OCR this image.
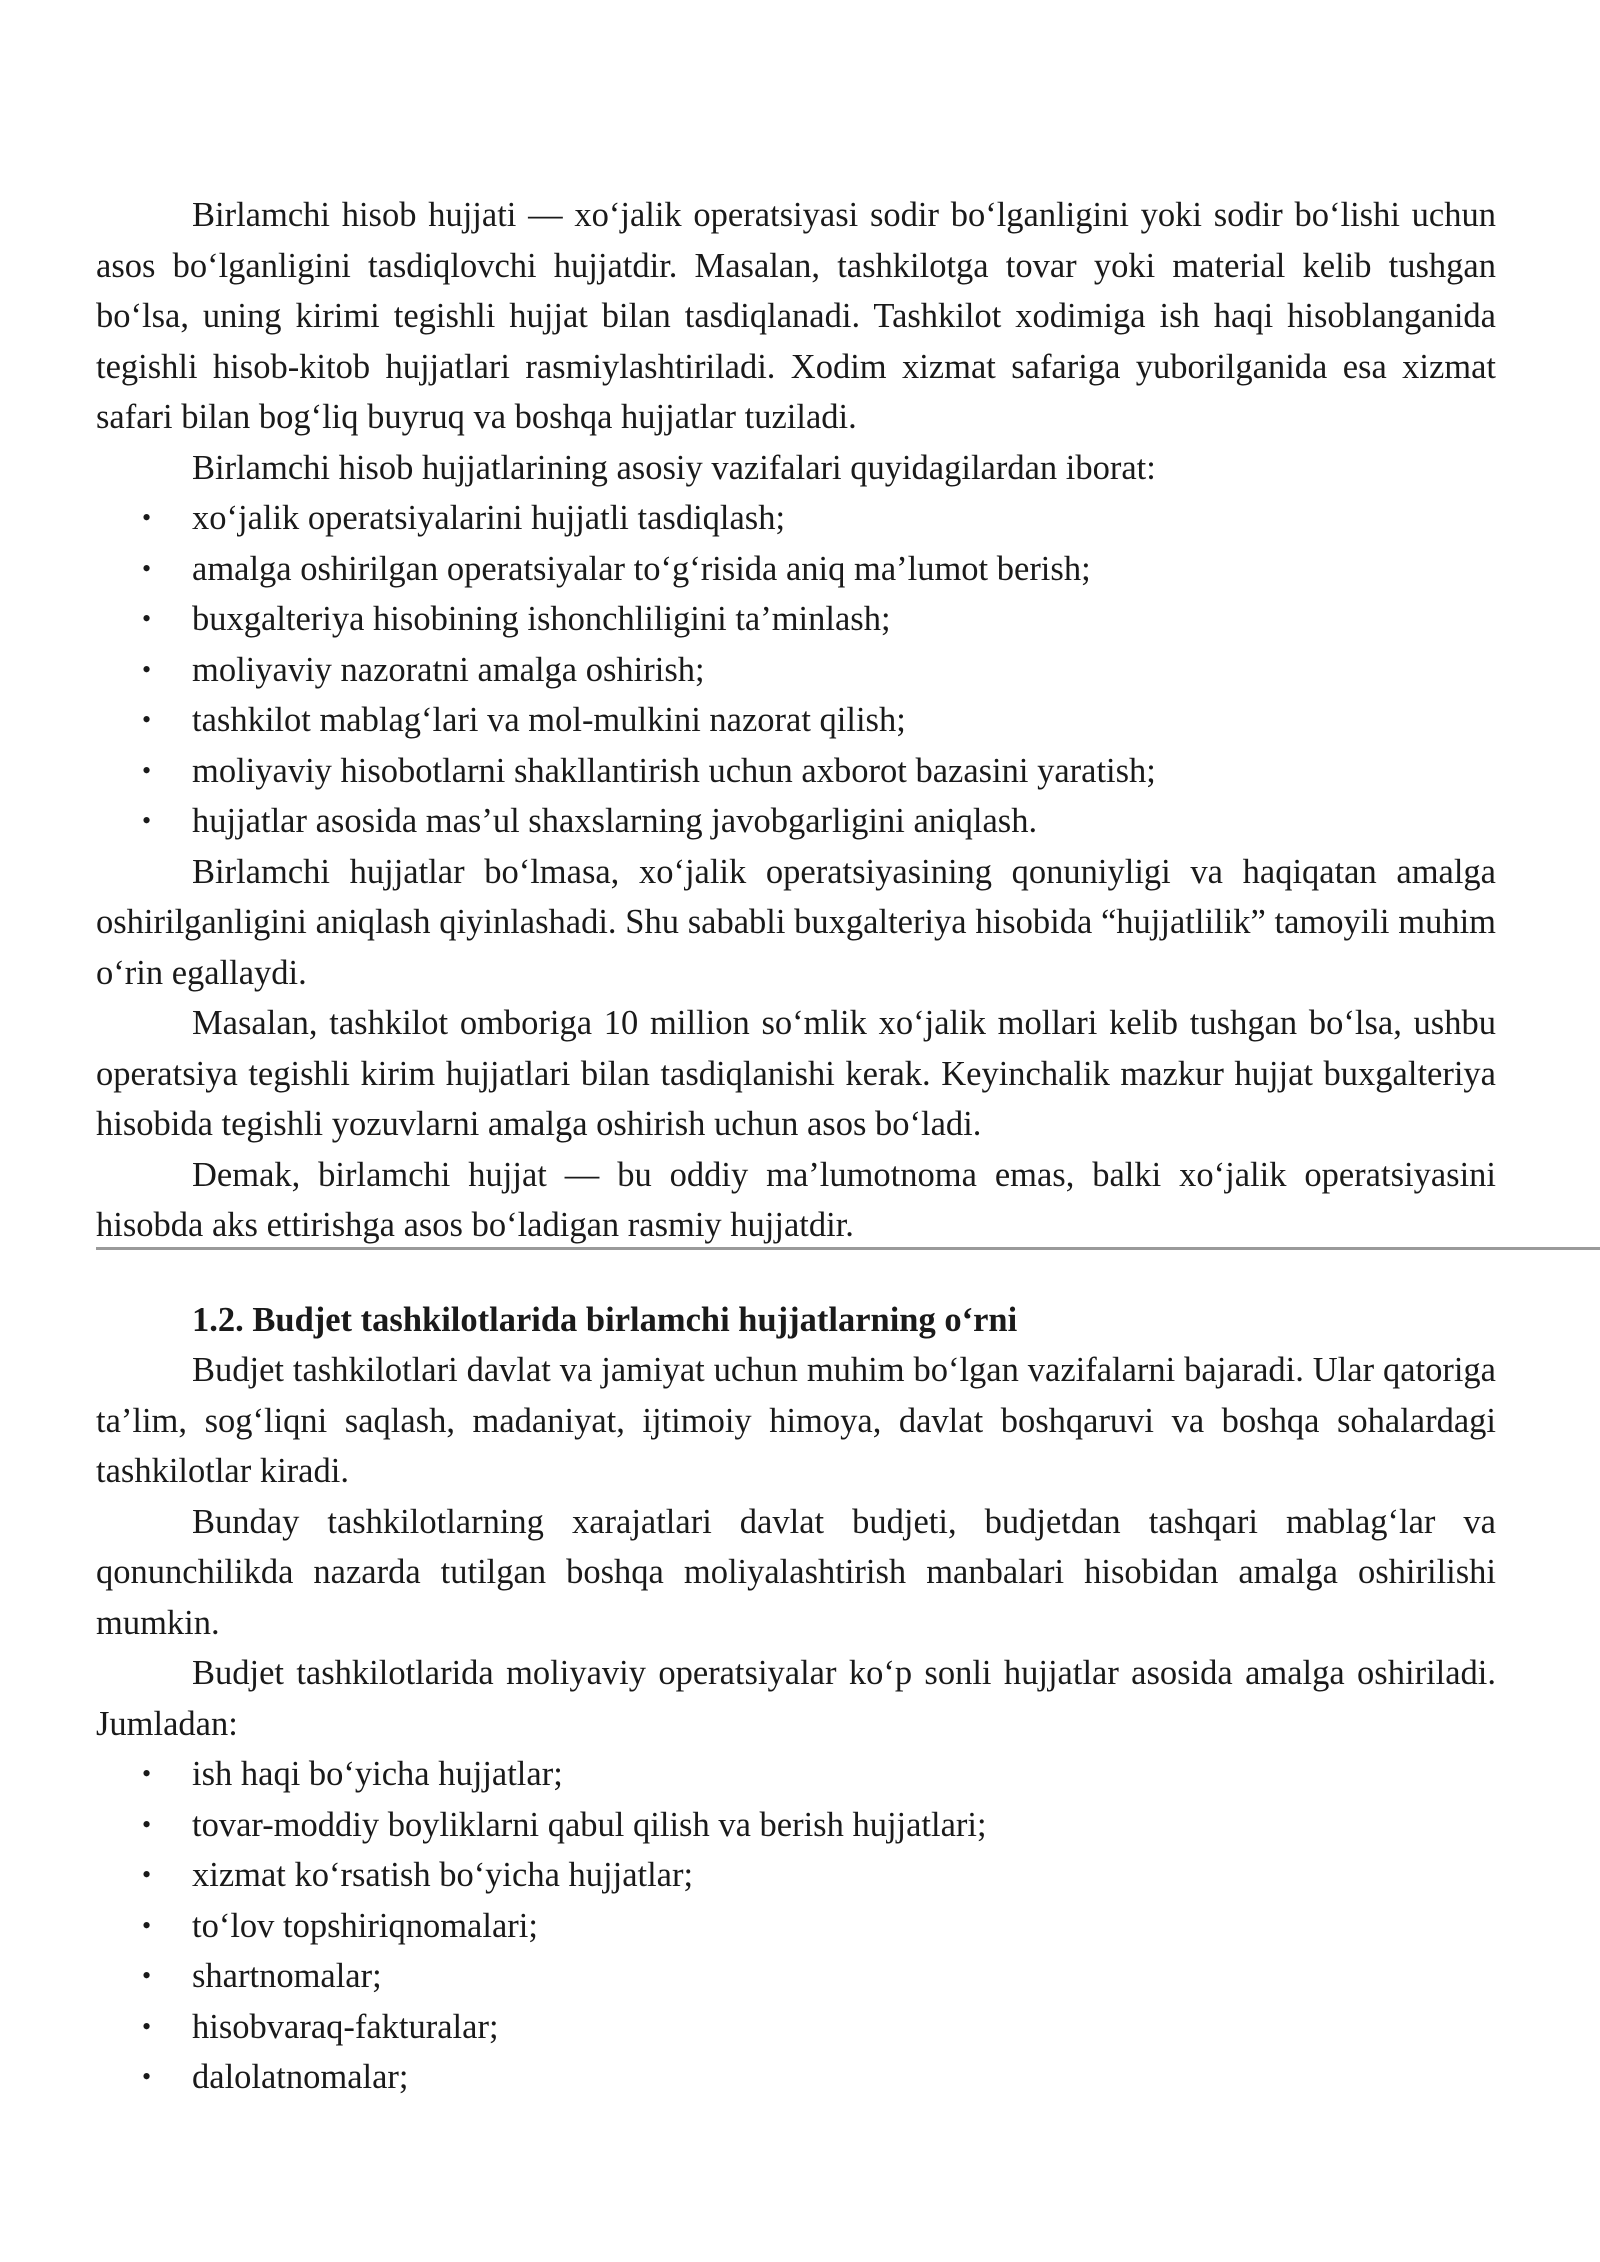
Birlamchi hisob hujjati — xo‘jalik operatsiyasi sodir bo‘lganligini yoki sodir bo‘lishi uchun asos bo‘lganligini tasdiqlovchi hujjatdir. Masalan, tashkilotga tovar yoki material kelib tushgan bo‘lsa, uning kirimi tegishli hujjat bilan tasdiqlanadi. Tashkilot xodimiga ish haqi hisoblanganida tegishli hisob-kitob hujjatlari rasmiylashtiriladi. Xodim xizmat safariga yuborilganida esa xizmat safari bilan bog‘liq buyruq va boshqa hujjatlar tuziladi.

Birlamchi hisob hujjatlarining asosiy vazifalari quyidagilardan iborat:

• xo‘jalik operatsiyalarini hujjatli tasdiqlash;
• amalga oshirilgan operatsiyalar to‘g‘risida aniq ma’lumot berish;
• buxgalteriya hisobining ishonchliligini ta’minlash;
• moliyaviy nazoratni amalga oshirish;
• tashkilot mablag‘lari va mol-mulkini nazorat qilish;
• moliyaviy hisobotlarni shakllantirish uchun axborot bazasini yaratish;
• hujjatlar asosida mas’ul shaxslarning javobgarligini aniqlash.

Birlamchi hujjatlar bo‘lmasa, xo‘jalik operatsiyasining qonuniyligi va haqiqatan amalga oshirilganligini aniqlash qiyinlashadi. Shu sababli buxgalteriya hisobida “hujjatlilik” tamoyili muhim o‘rin egallaydi.

Masalan, tashkilot omboriga 10 million so‘mlik xo‘jalik mollari kelib tushgan bo‘lsa, ushbu operatsiya tegishli kirim hujjatlari bilan tasdiqlanishi kerak. Keyinchalik mazkur hujjat buxgalteriya hisobida tegishli yozuvlarni amalga oshirish uchun asos bo‘ladi.

Demak, birlamchi hujjat — bu oddiy ma’lumotnoma emas, balki xo‘jalik operatsiyasini hisobda aks ettirishga asos bo‘ladigan rasmiy hujjatdir.

1.2. Budjet tashkilotlarida birlamchi hujjatlarning o‘rni

Budjet tashkilotlari davlat va jamiyat uchun muhim bo‘lgan vazifalarni bajaradi. Ular qatoriga ta’lim, sog‘liqni saqlash, madaniyat, ijtimoiy himoya, davlat boshqaruvi va boshqa sohalardagi tashkilotlar kiradi.

Bunday tashkilotlarning xarajatlari davlat budjeti, budjetdan tashqari mablag‘lar va qonunchilikda nazarda tutilgan boshqa moliyalashtirish manbalari hisobidan amalga oshirilishi mumkin.

Budjet tashkilotlarida moliyaviy operatsiyalar ko‘p sonli hujjatlar asosida amalga oshiriladi. Jumladan:

• ish haqi bo‘yicha hujjatlar;
• tovar-moddiy boyliklarni qabul qilish va berish hujjatlari;
• xizmat ko‘rsatish bo‘yicha hujjatlar;
• to‘lov topshiriqnomalari;
• shartnomalar;
• hisobvaraq-fakturalar;
• dalolatnomalar;
